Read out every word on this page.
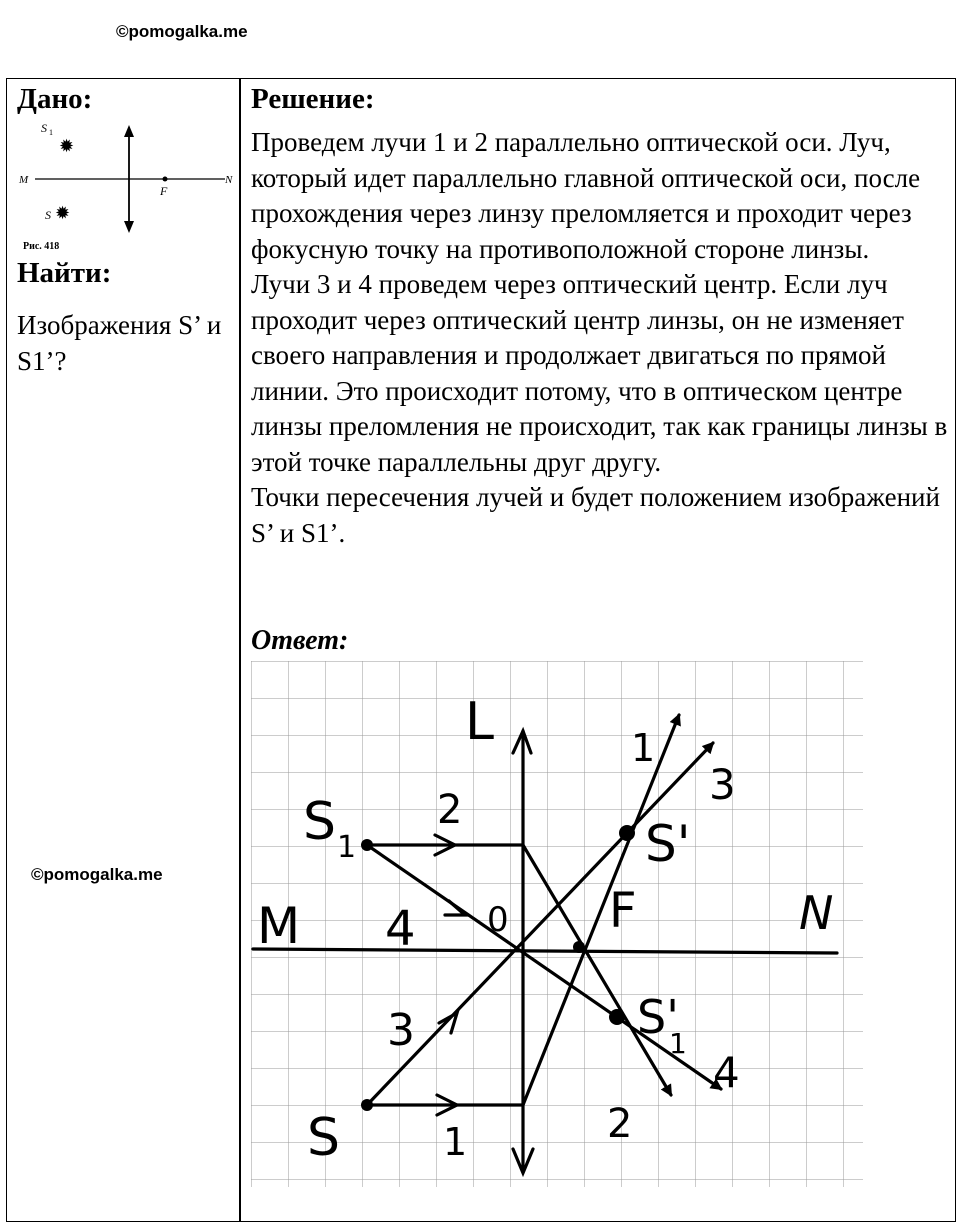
©pomogalka.me
Дано:
F
M	N
S 1
✹
S ✹
Рис. 418
Найти:
Изображения S’ и S1’?
©pomogalka.me
Решение:

Проведем лучи 1 и 2 параллельно оптической оси. Луч, который идет параллельно главной оптической оси, после прохождения через линзу преломляется и проходит через фокусную точку на противоположной стороне линзы.

Лучи 3 и 4 проведем через оптический центр. Если луч проходит через оптический центр линзы, он не изменяет своего направления и продолжает двигаться по прямой линии. Это происходит потому, что в оптическом центре линзы преломления не происходит, так как границы линзы в этой точке параллельны друг другу.

Точки пересечения лучей и будет положением изображений S’ и S1’.

Ответ:
L
M	N
0 F
S 1
S
S'
S'
1
2
1
4
3
1
3
4
2
